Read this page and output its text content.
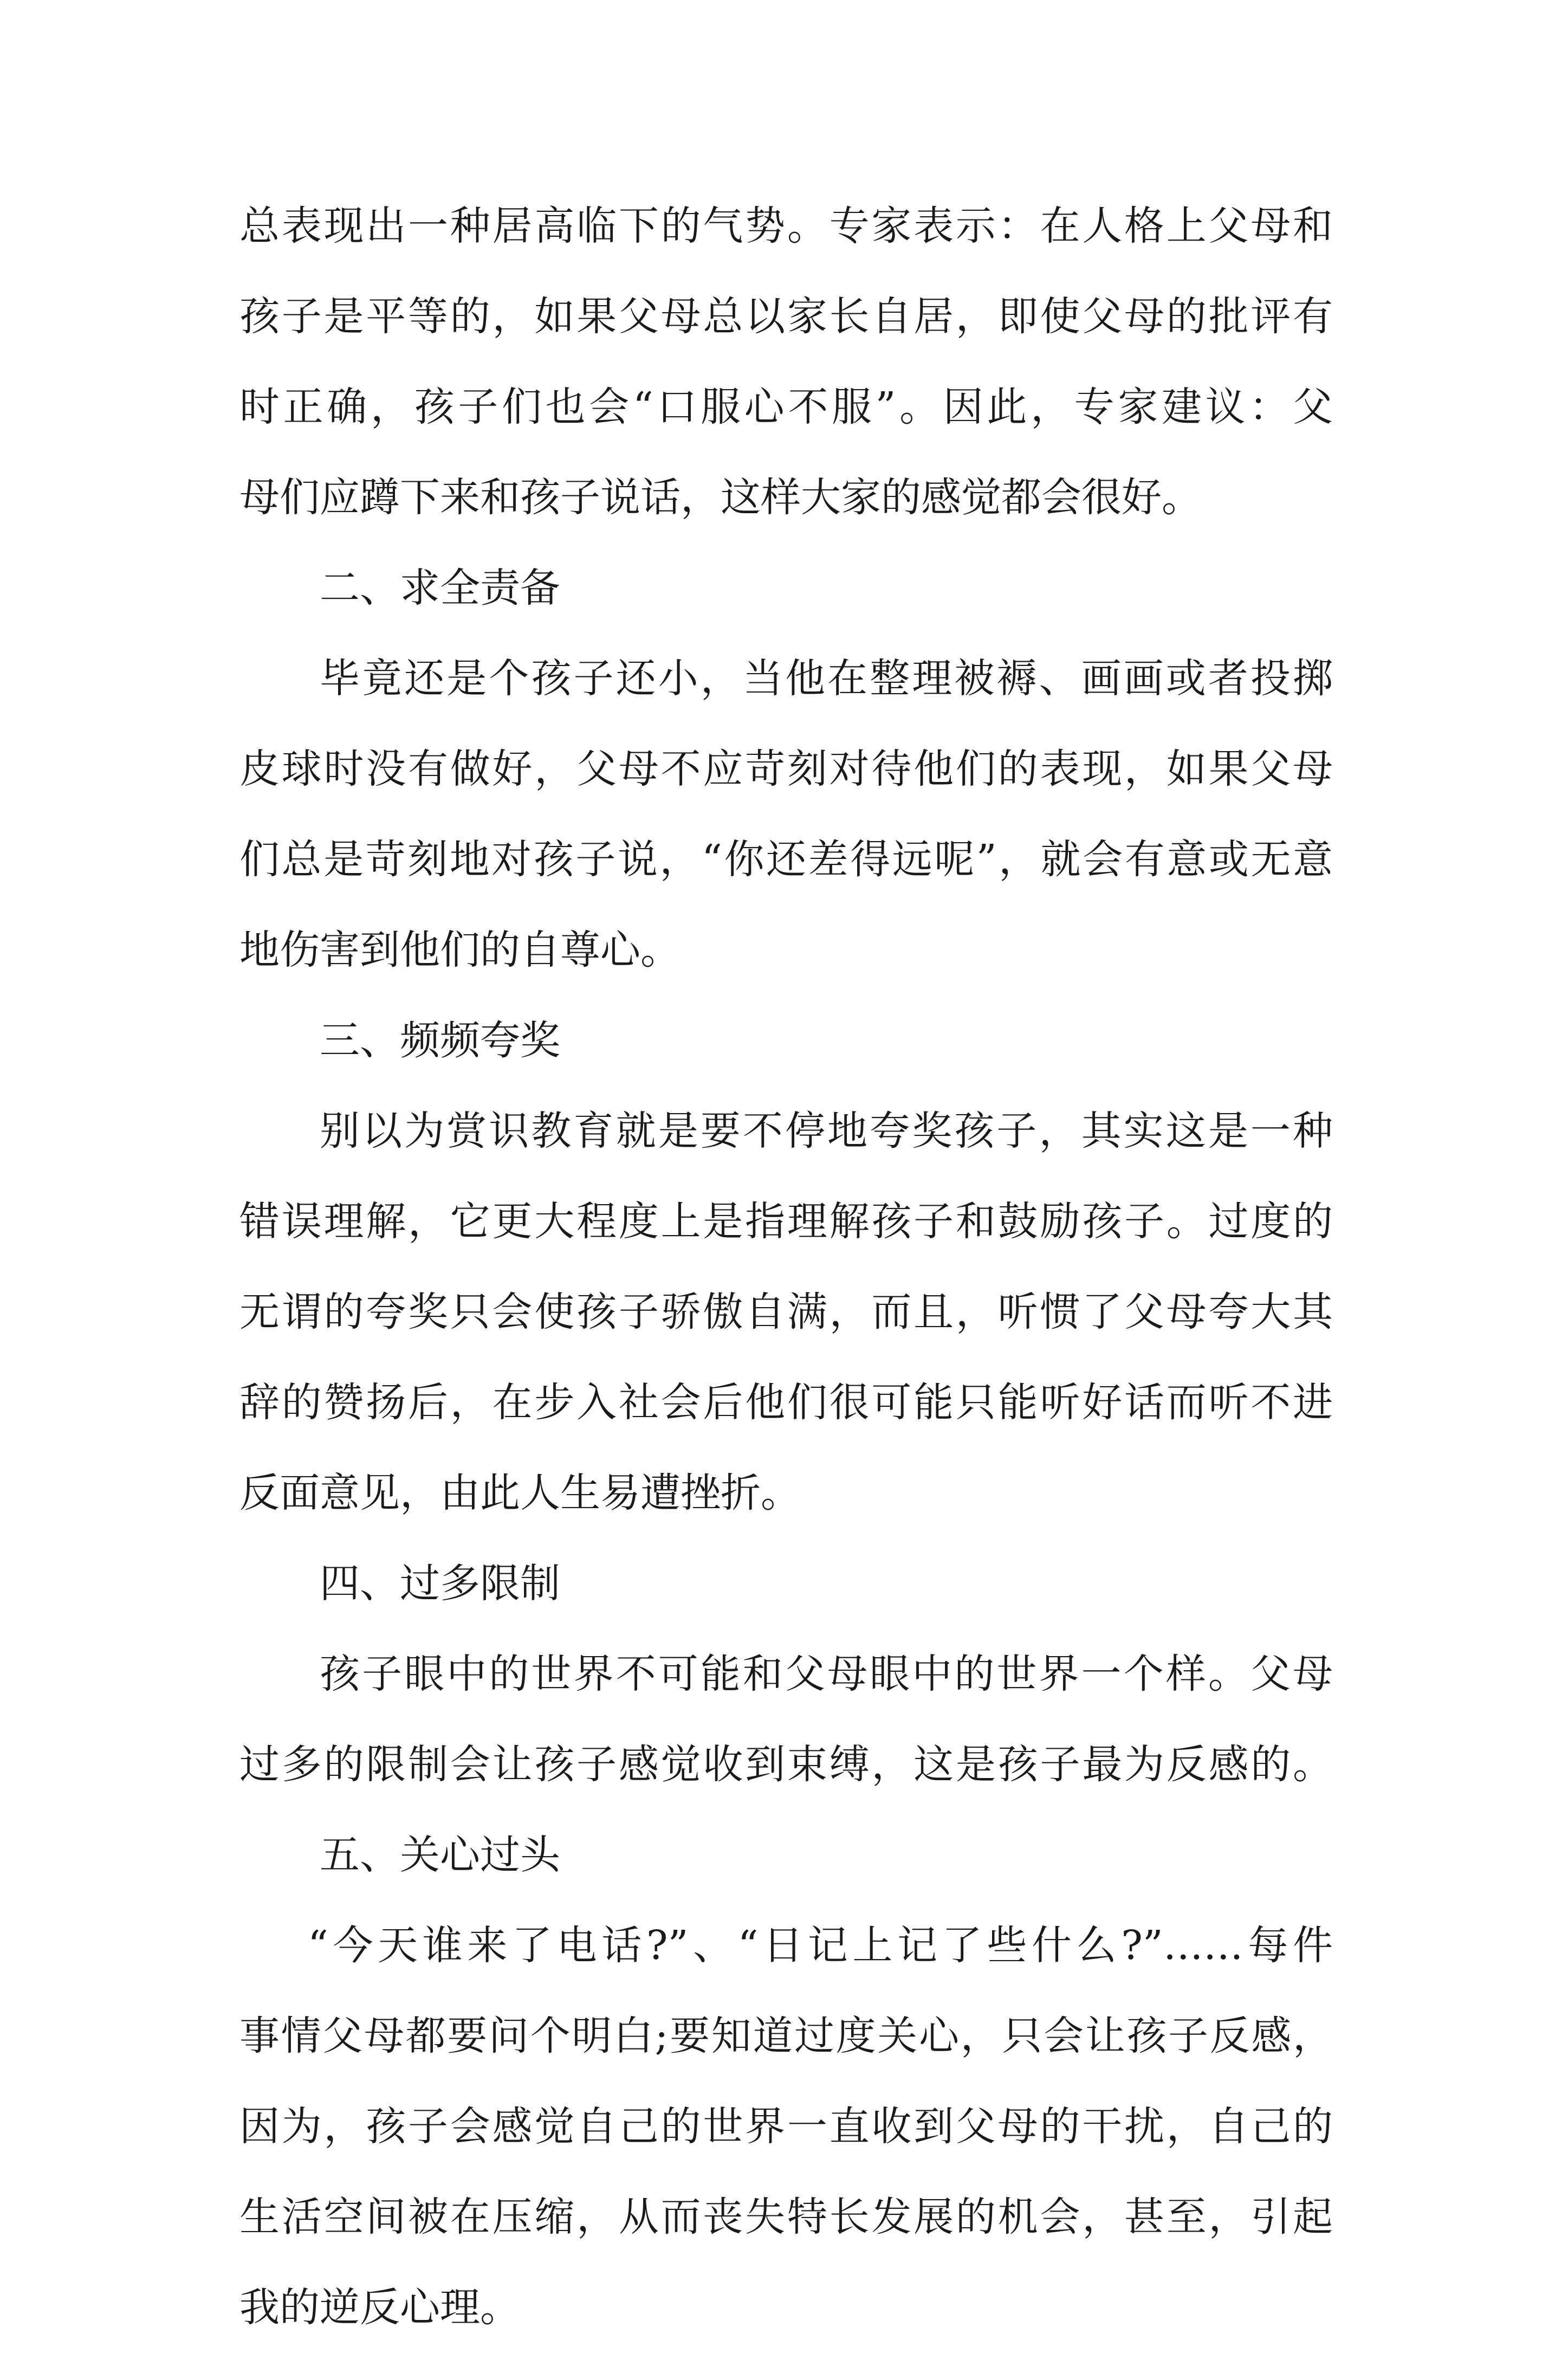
总表现出一种居高临下的气势。专家表示：在人格上父母和
孩子是平等的，如果父母总以家长自居，即使父母的批评有
时正确，孩子们也会“口服心不服”。因此，专家建议：父
母们应蹲下来和孩子说话，这样大家的感觉都会很好。
二、求全责备
毕竟还是个孩子还小，当他在整理被褥、画画或者投掷
皮球时没有做好，父母不应苛刻对待他们的表现，如果父母
们总是苛刻地对孩子说，“你还差得远呢”，就会有意或无意
地伤害到他们的自尊心。
三、频频夸奖
别以为赏识教育就是要不停地夸奖孩子，其实这是一种
错误理解，它更大程度上是指理解孩子和鼓励孩子。过度的
无谓的夸奖只会使孩子骄傲自满，而且，听惯了父母夸大其
辞的赞扬后，在步入社会后他们很可能只能听好话而听不进
反面意见，由此人生易遭挫折。
四、过多限制
孩子眼中的世界不可能和父母眼中的世界一个样。父母
过多的限制会让孩子感觉收到束缚，这是孩子最为反感的。
五、关心过头
“今天谁来了电话?”、“日记上记了些什么?”……每件
事情父母都要问个明白;要知道过度关心，只会让孩子反感，
因为，孩子会感觉自己的世界一直收到父母的干扰，自己的
生活空间被在压缩，从而丧失特长发展的机会，甚至，引起
我的逆反心理。
